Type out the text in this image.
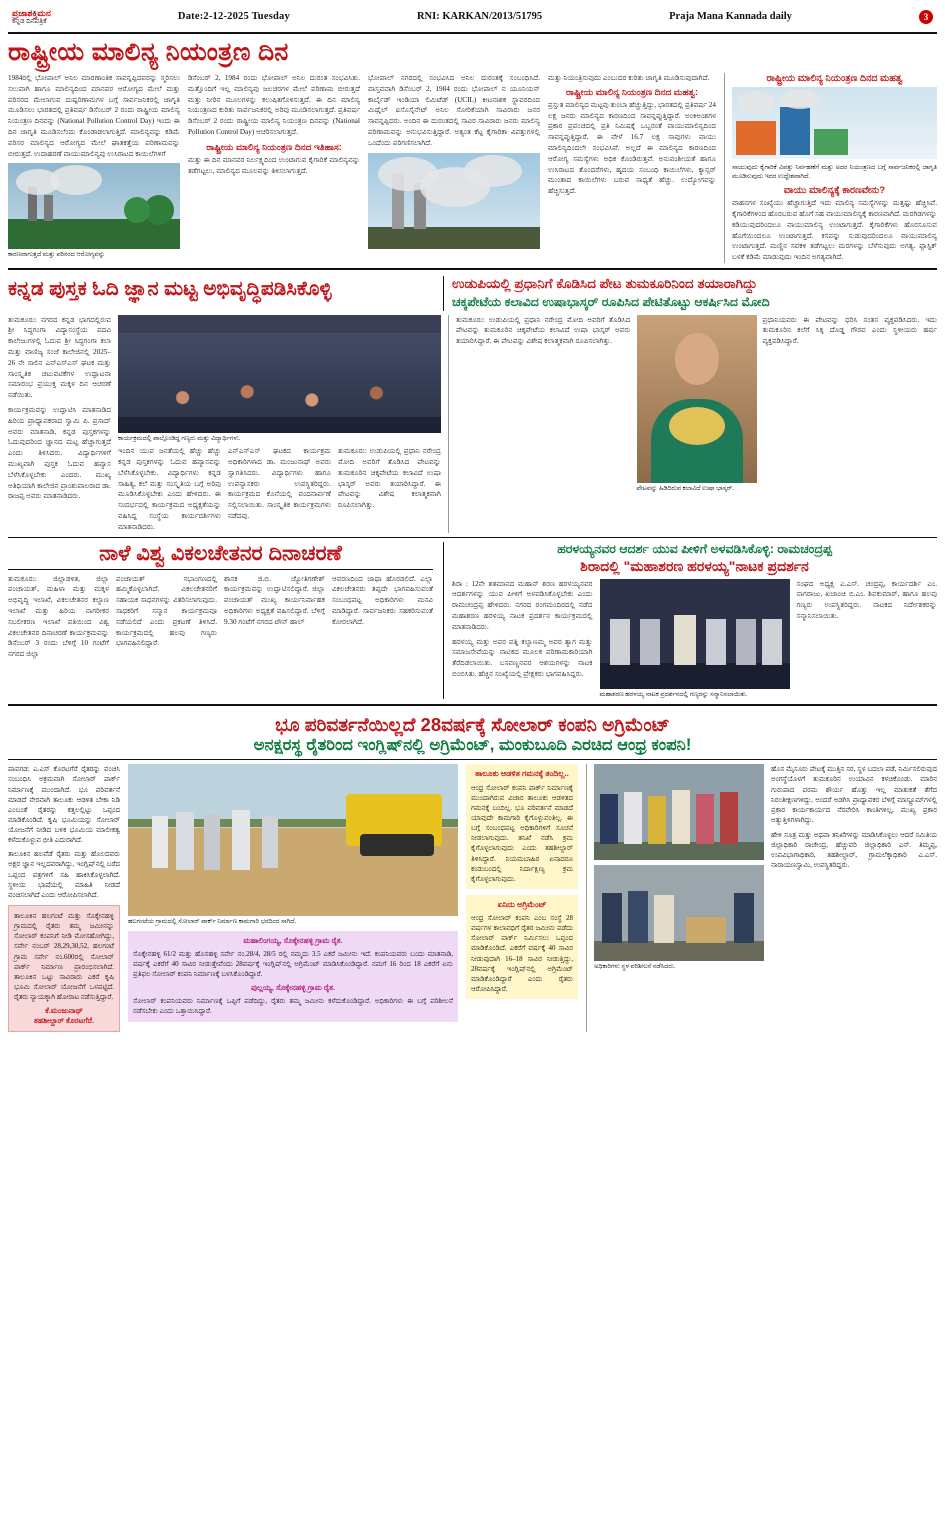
ಪ್ರಜಾಶಕ್ತಿಮನ
ಕನ್ನಡ ದಿನಪತ್ರಿಕೆ	Date:2-12-2025 Tuesday	RNI: KARKAN/2013/51795	Praja Mana Kannada daily	3
ರಾಷ್ಟ್ರೀಯ ಮಾಲಿನ್ಯ ನಿಯಂತ್ರಣ ದಿನ
1984ರಲ್ಲಿ ಭೋಪಾಲ್ ಅನಿಲ ಮಾರಣಾಂತಿಕ ಸಾವನ್ನಪ್ಪಿದವರನ್ನು ಸ್ಮರಿಸಲು ಸಲುವಾಗಿ ಹಾಗೂ ಮಾಲಿನ್ಯದಿಂದ ಮಾನವರ ಆರೋಗ್ಯದ ಮೇಲೆ ಮತ್ತು ಪರಿಸರದ ಮೇಲಾಗುವ ದುಷ್ಪರಿಣಾಮಗಳ ಬಗ್ಗೆ ಸಾರ್ವಜನಿಕರಲ್ಲಿ ಜಾಗೃತಿ ಮೂಡಿಸಲು ಭಾರತದಲ್ಲಿ ಪ್ರತಿವರ್ಷ ಡಿಸೆಂಬರ್ 2 ರಂದು ರಾಷ್ಟ್ರೀಯ ಮಾಲಿನ್ಯ ನಿಯಂತ್ರಣ ದಿನವನ್ನು (National Pollution Control Day) ಇಂದು ಈ ದಿನ ಜಾಗೃತಿ ಮೂಡಿಸಲೆಂದು ಕೊಂಡಾಡಲಾಗುತ್ತಿದೆ. ಮಾಲಿನ್ಯವನ್ನು ಕಡಿಮೆ ಪರಿಸರ ಮಾಲಿನ್ಯದ ಆರೋಗ್ಯದ ಮೇಲೆ ಘಾತಕತ್ತೆಯ ಪರಿಣಾಮವನ್ನು ಬೀರುತ್ತದೆ. ಉದಾಹರಣೆ ವಾಯುಮಾಲಿನ್ಯವು ಉಸಿರಾಟದ ಕಾಯಿಲೆಗಳಿಗೆ
ಕಾರಣವಾಗುತ್ತದೆ ಮತ್ತು ಪರಿಸರದ ಆರೋಗ್ಯವನ್ನು
ಡಿಸೆಂಬರ್ 2, 1984 ರಂದು ಭೋಪಾಲ್ ಅನಿಲ ದುರಂತ ಸಂಭವಿಸಿತು. ಮತ್ತೊಂದಿಗೆ ಇಲ್ಲ ಮಾಲಿನ್ಯವು ಜಲಚರಗಳ ಮೇಲೆ ಪರಿಣಾಮ ಬೀರುತ್ತದೆ ಮತ್ತು ನೀರಿನ ಮೂಲಗಳನ್ನು ಕಲುಷಿತಗೊಳಿಸುತ್ತದೆ. ಈ ದಿನ ಮಾಲಿನ್ಯ ನಿಯಂತ್ರಣದ ಕುರಿತು ಸಾರ್ವಜನಿಕರಲ್ಲಿ ಅರಿವು ಮೂಡಿಸಲಾಗುತ್ತದೆ. ಪ್ರತಿವರ್ಷ ಡಿಸೆಂಬರ್ 2 ರಂದು ರಾಷ್ಟ್ರೀಯ ಮಾಲಿನ್ಯ ನಿಯಂತ್ರಣ ದಿನವನ್ನು (National Pollution Control Day) ಆಚರಿಸಲಾಗುತ್ತದೆ.
ರಾಷ್ಟ್ರೀಯ ಮಾಲಿನ್ಯ ನಿಯಂತ್ರಣ ದಿನದ ಇತಿಹಾಸ:
ಮತ್ತು ಈ ದಿನ ಮಾನವರ ನಿರ್ಲಕ್ಷ್ಯದಿಂದ ಉಂಟಾಗುವ ಕೈಗಾರಿಕೆ ಮಾಲಿನ್ಯವನ್ನು ತಡೆಗಟ್ಟಲು, ಮಾಲಿನ್ಯದ ಮೂಲವನ್ನು ತಿಳಿಸಲಾಗುತ್ತದೆ.
ಭೋಪಾಲ್ ನಗರದಲ್ಲಿ ಸಂಭವಿಸಿದ ಅನಿಲ ದುರಂತಕ್ಕೆ ಸಂಬಂಧಿಸಿದೆ. ವಾಸ್ತವವಾಗಿ ಡಿಸೆಂಬರ್ 2, 1984 ರಂದು ಭೋಪಾಲ್ ನ ಯೂನಿಯನ್ ಕಾರ್ಬೈಡ್ ಇಂಡಿಯಾ ಲಿಮಿಟೆಡ್ (UCIL) ಕೀಟನಾಶಕ ಸ್ಥಾವರದಿಂದ ಮಿಥೈಲ್ ಐಸೊಸೈನೇಟ್ ಅನಿಲ ಸೋರಿಕೆಯಾಗಿ ಸಾವಿರಾರು ಜನರ ಸಾವನ್ನಪ್ಪಿದರು. ಅಂದಿನ ಈ ದುರಂತದಲ್ಲಿ ಸಾವಿರ ಸಾವಿರಾರು ಜನರು ಮಾಲಿನ್ಯ ಪರಿಣಾಮವನ್ನು ಅನುಭವಿಸುತ್ತಿದ್ದಾರೆ. ಅತ್ಯಂತ ಕೆಟ್ಟ ಕೈಗಾರಿಕಾ ವಿಪತ್ತುಗಳಲ್ಲಿ ಒಂದೆಂದು ಪರಿಗಣಿಸಲಾಗಿದೆ.
ಮತ್ತು ನಿಯಂತ್ರಿಸುವುದು ಎಂಬುದರ ಕುರಿತು ಜಾಗೃತಿ ಮೂಡಿಸುವುದಾಗಿದೆ.
ರಾಷ್ಟ್ರೀಯ ಮಾಲಿನ್ಯ ನಿಯಂತ್ರಣ ದಿನದ ಮಹತ್ವ:
ಪ್ರಸ್ತುತ ಮಾಲಿನ್ಯದ ಮಟ್ಟವು ತುಂಬಾ ಹೆಚ್ಚುತ್ತಿದ್ದು, ಭಾರತದಲ್ಲಿ ಪ್ರತಿವರ್ಷ 24 ಲಕ್ಷ ಜನರು ಮಾಲಿನ್ಯದ ಕಾರಣದಿಂದ ಸಾವನ್ನಪ್ಪುತ್ತಿದ್ದಾರೆ. ಅಂಕಿಅಂಶಗಳ ಪ್ರಕಾರ ಪ್ರಪಂಚದಲ್ಲಿ ಪ್ರತಿ ನಿಮಿಷಕ್ಕೆ ಒಬ್ಬರಂತೆ ವಾಯುಮಾಲಿನ್ಯದಿಂದ ಸಾವನ್ನಪ್ಪುತ್ತಿದ್ದಾರೆ. ಈ ವೇಳೆ 16.7 ಲಕ್ಷ ಸಾವುಗಳು ವಾಯು ಮಾಲಿನ್ಯದಿಂದಲೇ ಸಂಭವಿಸಿವೆ. ಅಲ್ಲದೆ ಈ ಮಾಲಿನ್ಯದ ಕಾರಣದಿಂದ ಆರೋಗ್ಯ ಸಮಸ್ಯೆಗಳು ಅಧಿಕ ಕೊಂಡಿರುತ್ತವೆ. ಅನುವಂಶೀಯತೆ ಹಾಗೂ ಉಸಿರಾಟದ ತೊಂದರೆಗಳು, ಹೃದಯ ಸಂಬಂಧಿ ಕಾಯಿಲೆಗಳು, ಕ್ಯಾನ್ಸರ್ ಮುಂತಾದ ಕಾಯಿಲೆಗಳು ಬರುವ ಸಾಧ್ಯತೆ ಹೆಚ್ಚು. ಉದ್ಯೋಗವನ್ನು ಹೆಚ್ಚಿಸುತ್ತದೆ.
ರಾಷ್ಟ್ರೀಯ ಮಾಲಿನ್ಯ ನಿಯಂತ್ರಣ ದಿನದ ಮಹತ್ವ
ಸಾಯುವುದು ಕೈಗಾರಿಕೆ ವಿಪತ್ತು ನಿರ್ವಹಣೆಗೆ ಮತ್ತು ಅದರ ನಿಯಂತ್ರಣದ ಬಗ್ಗೆ ಸಾರ್ವಜನಿಕರಲ್ಲಿ ಜಾಗೃತಿ ಮೂಡಿಸುವುದು ಇದರ ಉದ್ದೇಶವಾಗಿದೆ.
ವಾಯು ಮಾಲಿನ್ಯಕ್ಕೆ ಕಾರಣವೇನು?
ವಾಹನಗಳ ಸಂಖ್ಯೆಯು ಹೆಚ್ಚಾಗುತ್ತಿದೆ ಇದು ಮಾಲಿನ್ಯ ಸಮಸ್ಯೆಗಳನ್ನು ಮತ್ತಷ್ಟು ಹೆಚ್ಚಿಸಿವೆ. ಕೈಗಾರಿಕೆಗಳಿಂದ ಹೊರಬರುವ ಹೊಗೆ ಸಹ ವಾಯುಮಾಲಿನ್ಯಕ್ಕೆ ಕಾರಣವಾಗಿದೆ. ಮರಗಿಡಗಳನ್ನು ಕಡಿಯುವುದರಿಂದಲೂ ವಾಯುಮಾಲಿನ್ಯ ಉಂಟಾಗುತ್ತದೆ. ಕೈಗಾರಿಕೆಗಳು ಹೊರಸೂಸುವ ಹೊಗೆಯಿಂದಲೂ ಉಂಟಾಗುತ್ತದೆ. ಕಸವನ್ನು ಸುಡುವುದರಿಂದಲೂ ವಾಯುಮಾಲಿನ್ಯ ಉಂಟಾಗುತ್ತದೆ. ಮಣ್ಣಿನ ಸವಕಳಿ ತಡೆಗಟ್ಟಲು ಮರಗಳನ್ನು ಬೆಳೆಸುವುದು ಅಗತ್ಯ. ಪ್ಲಾಸ್ಟಿಕ್ ಬಳಕೆ ಕಡಿಮೆ ಮಾಡುವುದು ಇಂದಿನ ಅಗತ್ಯವಾಗಿದೆ.
ಕನ್ನಡ ಪುಸ್ತಕ ಓದಿ ಜ್ಞಾನ ಮಟ್ಟ ಅಭಿವೃದ್ಧಿಪಡಿಸಿಕೊಳ್ಳಿ	ಉಡುಪಿಯಲ್ಲಿ ಪ್ರಧಾನಿಗೆ ಕೊಡಿಸಿದ ಪೇಟ ತುಮಕೂರಿನಿಂದ ತಯಾರಾಗಿದ್ದು
ಚಕ್ಕಪೇಟೆಯ ಕಲಾವಿದ ಉಷಾಭಾಸ್ಕರ್ ರೂಪಿಸಿದ ಪೇಟಿತೊಟ್ಟು ಆಕರ್ಷಿಸಿದ ಮೋದಿ
ತುಮಕೂರು: ನಗರದ ಕನ್ನಡ ಭಾಗದಲ್ಲಿರುವ ಶ್ರೀ ಸಿದ್ಧಗಂಗಾ ವಿದ್ಯಾಸಂಸ್ಥೆಯ ಪದವಿ ಕಾಲೇಜುಗಳಲ್ಲಿ ಓದುವ ಶ್ರೀ ಸಿದ್ಧಗಂಗಾ ಕಲಾ ಮತ್ತು ವಾಣಿಜ್ಯ ಸಂಜೆ ಕಾಲೇಜಿನಲ್ಲಿ 2025– 26 ನೇ ಸಾಲಿನ ಎನ್ಎಸ್ಎಸ್ ಘಟಕ ಮತ್ತು ಸಾಂಸ್ಕೃತಿಕ ಚಟುವಟಿಕೆಗಳ ಉದ್ಘಾಟನಾ ಸಮಾರಂಭ ಪ್ರಯುಕ್ತ ಮಕ್ಕಳ ದಿನ ಆಚರಣೆ ನಡೆಯಿತು.
ಕಾರ್ಯಕ್ರಮವನ್ನು ಉದ್ಘಾಟಿಸಿ ಮಾತನಾಡಿದ ಹಿರಿಯ ಪ್ರಾಧ್ಯಾಪಕರಾದ ಸ್ವಾಮಿ ಪಿ. ಪ್ರಸಾದ್ ಅವರು ಮಾತನಾಡಿ, ಕನ್ನಡ ಪುಸ್ತಕಗಳನ್ನು ಓದುವುದರಿಂದ ಜ್ಞಾನದ ಮಟ್ಟ ಹೆಚ್ಚಾಗುತ್ತದೆ ಎಂದು ತಿಳಿಸಿದರು. ವಿದ್ಯಾರ್ಥಿಗಳಿಗೆ ಮುಖ್ಯವಾಗಿ ಪುಸ್ತಕ ಓದುವ ಹವ್ಯಾಸ ಬೆಳೆಸಿಕೊಳ್ಳಬೇಕು ಎಂದರು. ಮುಖ್ಯ ಅತಿಥಿಯಾಗಿ ಕಾಲೇಜಿನ ಪ್ರಾಂಶುಪಾಲರಾದ ಡಾ. ರಾಜಪ್ಪ ಅವರು ಮಾತನಾಡಿದರು.
ಕಾರ್ಯಕ್ರಮದಲ್ಲಿ ಪಾಲ್ಗೊಂಡಿದ್ದ ಗಣ್ಯರು ಮತ್ತು ವಿದ್ಯಾರ್ಥಿಗಳು.
ಇಂದಿನ ಯುವ ಜನತೆಯಲ್ಲಿ ಹೆಚ್ಚು ಹೆಚ್ಚು ಕನ್ನಡ ಪುಸ್ತಕಗಳನ್ನು ಓದುವ ಹವ್ಯಾಸವನ್ನು ಬೆಳೆಸಿಕೊಳ್ಳಬೇಕು. ವಿದ್ಯಾರ್ಥಿಗಳು ಕನ್ನಡ ಸಾಹಿತ್ಯ, ಕಲೆ ಮತ್ತು ಸಂಸ್ಕೃತಿಯ ಬಗ್ಗೆ ಅರಿವು ಮೂಡಿಸಿಕೊಳ್ಳಬೇಕು ಎಂದು ಹೇಳಿದರು. ಈ ಸಂದರ್ಭದಲ್ಲಿ ಕಾರ್ಯಕ್ರಮದ ಅಧ್ಯಕ್ಷತೆಯನ್ನು ವಹಿಸಿದ್ದ ಸಂಸ್ಥೆಯ ಕಾರ್ಯದರ್ಶಿಗಳು ಮಾತನಾಡಿದರು.
ಎನ್ಎಸ್ಎಸ್ ಘಟಕದ ಕಾರ್ಯಕ್ರಮ ಅಧಿಕಾರಿಗಳಾದ ಡಾ. ಮಂಜುನಾಥ್ ಅವರು ಸ್ವಾಗತಿಸಿದರು. ವಿದ್ಯಾರ್ಥಿಗಳು ಹಾಗೂ ಉಪನ್ಯಾಸಕರು ಉಪಸ್ಥಿತರಿದ್ದರು. ಕಾರ್ಯಕ್ರಮದ ಕೊನೆಯಲ್ಲಿ ವಂದನಾರ್ಪಣೆ ಸಲ್ಲಿಸಲಾಯಿತು. ಸಾಂಸ್ಕೃತಿಕ ಕಾರ್ಯಕ್ರಮಗಳು ನಡೆದವು.
ತುಮಕೂರು: ಉಡುಪಿಯಲ್ಲಿ ಪ್ರಧಾನಿ ನರೇಂದ್ರ ಮೋದಿ ಅವರಿಗೆ ತೊಡಿಸಿದ ಪೇಟವನ್ನು ತುಮಕೂರಿನ ಚಿಕ್ಕಪೇಟೆಯ ಕಲಾವಿದೆ ಉಷಾ ಭಾಸ್ಕರ್ ಅವರು ತಯಾರಿಸಿದ್ದಾರೆ. ಈ ಪೇಟವನ್ನು ವಿಶೇಷ ಕಲಾತ್ಮಕವಾಗಿ ರೂಪಿಸಲಾಗಿತ್ತು.
ತುಮಕೂರು: ಉಡುಪಿಯಲ್ಲಿ ಪ್ರಧಾನಿ ನರೇಂದ್ರ ಮೋದಿ ಅವರಿಗೆ ತೊಡಿಸಿದ ಪೇಟವನ್ನು ತುಮಕೂರಿನ ಚಿಕ್ಕಪೇಟೆಯ ಕಲಾವಿದೆ ಉಷಾ ಭಾಸ್ಕರ್ ಅವರು ತಯಾರಿಸಿದ್ದಾರೆ. ಈ ಪೇಟವನ್ನು ವಿಶೇಷ ಕಲಾತ್ಮಕವಾಗಿ ರೂಪಿಸಲಾಗಿತ್ತು.
ಪೇಟವನ್ನು ಹಿಡಿದಿರುವ ಕಲಾವಿದೆ ಉಷಾ ಭಾಸ್ಕರ್.
ಪ್ರಧಾನಿಯವರು ಈ ಪೇಟವನ್ನು ಧರಿಸಿ ಸಂತಸ ವ್ಯಕ್ತಪಡಿಸಿದರು. ಇದು ತುಮಕೂರಿನ ಕಲೆಗೆ ಸಿಕ್ಕ ದೊಡ್ಡ ಗೌರವ ಎಂದು ಸ್ಥಳೀಯರು ಹರ್ಷ ವ್ಯಕ್ತಪಡಿಸಿದ್ದಾರೆ.
ನಾಳೆ ವಿಶ್ವ ವಿಕಲಚೇತನರ ದಿನಾಚರಣೆ
ತುಮಕೂರು: ಜಿಲ್ಲಾಡಳಿತ, ಜಿಲ್ಲಾ ಪಂಚಾಯತ್, ಮಹಿಳಾ ಮತ್ತು ಮಕ್ಕಳ ಅಭಿವೃದ್ಧಿ ಇಲಾಖೆ, ವಿಕಲಚೇತನರ ಕಲ್ಯಾಣ ಇಲಾಖೆ ಮತ್ತು ಹಿರಿಯ ನಾಗರೀಕರ ಸಬಲೀಕರಣ ಇಲಾಖೆ ವತಿಯಿಂದ ವಿಶ್ವ ವಿಕಲಚೇತನರ ದಿನಾಚರಣೆ ಕಾರ್ಯಕ್ರಮವನ್ನು ಡಿಸೆಂಬರ್ 3 ರಂದು ಬೆಳಿಗ್ಗೆ 10 ಗಂಟೆಗೆ ನಗರದ ಜಿಲ್ಲಾ
ಪಂಚಾಯತ್ ಸಭಾಂಗಣದಲ್ಲಿ ಹಮ್ಮಿಕೊಳ್ಳಲಾಗಿದೆ. ವಿಕಲಚೇತನರಿಗೆ ಸಹಾಯಕ ಸಾಧನಗಳನ್ನು ವಿತರಿಸಲಾಗುವುದು. ಸಾಧಕರಿಗೆ ಸನ್ಮಾನ ಕಾರ್ಯಕ್ರಮವೂ ನಡೆಯಲಿದೆ ಎಂದು ಪ್ರಕಟಣೆ ತಿಳಿಸಿದೆ. ಕಾರ್ಯಕ್ರಮದಲ್ಲಿ ಹಲವು ಗಣ್ಯರು ಭಾಗವಹಿಸಲಿದ್ದಾರೆ.
ಶಾಸಕ ಜಿ.ಬಿ. ಜ್ಯೋತಿಗಣೇಶ್ ಕಾರ್ಯಕ್ರಮವನ್ನು ಉದ್ಘಾಟಿಸಲಿದ್ದಾರೆ. ಜಿಲ್ಲಾ ಪಂಚಾಯತ್ ಮುಖ್ಯ ಕಾರ್ಯನಿರ್ವಾಹಕ ಅಧಿಕಾರಿಗಳು ಅಧ್ಯಕ್ಷತೆ ವಹಿಸಲಿದ್ದಾರೆ. ಬೆಳಿಗ್ಗೆ 9.30 ಗಂಟೆಗೆ ನಗರದ ಟೌನ್ ಹಾಲ್
ಆವರಣದಿಂದ ಜಾಥಾ ಹೊರಡಲಿದೆ. ಎಲ್ಲಾ ವಿಕಲಚೇತನರು ತಪ್ಪದೇ ಭಾಗವಹಿಸುವಂತೆ ಸಂಬಂಧಪಟ್ಟ ಅಧಿಕಾರಿಗಳು ಮನವಿ ಮಾಡಿದ್ದಾರೆ. ಸಾರ್ವಜನಿಕರು ಸಹಕರಿಸುವಂತೆ ಕೋರಲಾಗಿದೆ.
ಹರಳಯ್ಯನವರ ಆದರ್ಶ ಯುವ ಪೀಳಿಗೆ ಅಳವಡಿಸಿಕೊಳ್ಳಿ: ರಾಮಚಂದ್ರಪ್ಪ
ಶಿರಾದಲ್ಲಿ "ಮಹಾಶರಣ ಹರಳಯ್ಯ"ನಾಟಕ ಪ್ರದರ್ಶನ
ಶಿರಾ : 12ನೇ ಶತಮಾನದ ಮಹಾನ್ ಶರಣ ಹರಳಯ್ಯನವರ ಆದರ್ಶಗಳನ್ನು ಯುವ ಪೀಳಿಗೆ ಅಳವಡಿಸಿಕೊಳ್ಳಬೇಕು ಎಂದು ರಾಮಚಂದ್ರಪ್ಪ ಹೇಳಿದರು. ನಗರದ ರಂಗಮಂದಿರದಲ್ಲಿ ನಡೆದ ಮಹಾಶರಣ ಹರಳಯ್ಯ ನಾಟಕ ಪ್ರದರ್ಶನ ಕಾರ್ಯಕ್ರಮದಲ್ಲಿ ಮಾತನಾಡಿದರು.
ಹರಳಯ್ಯ ಮತ್ತು ಅವರ ಪತ್ನಿ ಕಲ್ಯಾಣಮ್ಮ ಅವರ ತ್ಯಾಗ ಮತ್ತು ಸಮಾಜಸೇವೆಯನ್ನು ನಾಟಕದ ಮೂಲಕ ಪರಿಣಾಮಕಾರಿಯಾಗಿ ತೆರೆದಿಡಲಾಯಿತು. ಬಸವಣ್ಣನವರ ಆಶಯಗಳನ್ನು ನಾಟಕ ಬಿಂಬಿಸಿತು. ಹೆಚ್ಚಿನ ಸಂಖ್ಯೆಯಲ್ಲಿ ಪ್ರೇಕ್ಷಕರು ಭಾಗವಹಿಸಿದ್ದರು.
ಮಹಾಶರಣ ಹರಳಯ್ಯ ನಾಟಕ ಪ್ರದರ್ಶನದಲ್ಲಿ ಗಣ್ಯರನ್ನು ಸನ್ಮಾನಿಸಲಾಯಿತು.
ಸಂಘದ ಅಧ್ಯಕ್ಷ ಎ.ಎಸ್. ಚಂದ್ರಪ್ಪ, ಕಾರ್ಯದರ್ಶಿ ಎಂ. ನಾಗರಾಜು, ಖಜಾಂಚಿ ಬಿ.ಎಂ. ಶಿವಕುಮಾರ್, ಹಾಗೂ ಹಲವು ಗಣ್ಯರು ಉಪಸ್ಥಿತರಿದ್ದರು. ನಾಟಕದ ನಿರ್ದೇಶಕರನ್ನು ಸನ್ಮಾನಿಸಲಾಯಿತು.
ಭೂ ಪರಿವರ್ತನೆಯಿಲ್ಲದೆ 28ವರ್ಷಕ್ಕೆ ಸೋಲಾರ್ ಕಂಪನಿ ಅಗ್ರಿಮೆಂಟ್
ಅನಕ್ಷರಸ್ಥ ರೈತರಿಂದ ಇಂಗ್ಲಿಷ್‌ನಲ್ಲಿ ಅಗ್ರಿಮೆಂಟ್, ಮಂಕುಬೂದಿ ಎರಚಿದ ಆಂಧ್ರ ಕಂಪನಿ!
ಪಾವಗಡ: ಎ.ಎಸ್ ಕೊರಟಗೆರೆ ರೈತರನ್ನು ವಂಚಿಸಿ ಸಂಬಂಧಿಸಿ ಅಕ್ರಮವಾಗಿ ಸೋಲಾರ್ ಪಾರ್ಕ್ ನಿರ್ಮಾಣಕ್ಕೆ ಮುಂದಾಗಿದೆ. ಭೂ ಪರಿವರ್ತನೆ ಮಾಡದೆ ನೇರವಾಗಿ ತಾಲೂಕು ಆಡಳಿತ ಬೇಕಾ ನಿಡಿ ಎಂಬಂತೆ ರೈತರನ್ನು ಕತ್ತಲಲ್ಲಿಟ್ಟು ಒಪ್ಪಂದ ಮಾಡಿಕೊಂಡಿದೆ. ಕೃಷಿ ಭೂಮಿಯನ್ನು ಸೋಲಾರ್ ಯೋಜನೆಗೆ ನೀಡಿದ ಬಳಿಕ ಭೂಮಿಯ ಮಾಲೀಕತ್ವ ಕಳೆದುಕೊಳ್ಳುವ ಭೀತಿ ಎದುರಾಗಿದೆ.
ತಾಲೂಕಿನ ಹಲವೆಡೆ ರೈತರು ಮತ್ತು ಹೊಲದವರು ಅಕ್ಷರ ಜ್ಞಾನ ಇಲ್ಲದವರಾಗಿದ್ದು, ಇಂಗ್ಲಿಷ್‌ನಲ್ಲಿ ಬರೆದ ಒಪ್ಪಂದ ಪತ್ರಗಳಿಗೆ ಸಹಿ ಹಾಕಿಸಿಕೊಳ್ಳಲಾಗಿದೆ. ಸ್ಥಳೀಯ ಭಾಷೆಯಲ್ಲಿ ಮಾಹಿತಿ ನೀಡದೆ ವಂಚಿಸಲಾಗಿದೆ ಎಂದು ಆರೋಪಿಸಲಾಗಿದೆ.
ತಾಲೂಕಿನ ಹಲಗಂಟೆ ಮತ್ತು ಸೊಕ್ಕೇನಹಳ್ಳಿ ಗ್ರಾಮದಲ್ಲಿ ರೈತರು ತಮ್ಮ ಜಮೀನನ್ನು ಸೋಲಾರ್ ಕಂಪನಿಗೆ ನೀಡಿ ಮೋಸಹೋಗಿದ್ದು, ಸರ್ವೇ ನಂಬರ್ 28,29,30,52, ಹಲಗಂಟೆ ಗ್ರಾಮ ಸರ್ವೇ ನಂ.600ರಲ್ಲಿ ಸೋಲಾರ್ ಪಾರ್ಕ್ ನಿರ್ಮಾಣ ಪ್ರಾರಂಭಿಸಲಾಗಿದೆ. ತಾಲೂಕಿನ ಒಟ್ಟು ಸಾವಿರಾರು ಎಕರೆ ಕೃಷಿ ಭೂಮಿ ಸೋಲಾರ್ ಯೋಜನೆಗೆ ಒಳಪಟ್ಟಿದೆ. ರೈತರು ನ್ಯಾಯಕ್ಕಾಗಿ ಹೋರಾಟ ನಡೆಸುತ್ತಿದ್ದಾರೆ.
ಕೆ.ಮಂಜುನಾಥ್
ತಹಶೀಲ್ದಾರ್ ಕೊರಟಗೆರೆ.
ಹಲಗಂಟೆಯ ಗ್ರಾಮದಲ್ಲಿ ಸೋಲಾರ್ ಪಾರ್ಕ್ ನಿರ್ಮಾಣ ಕಾಮಗಾರಿ ಭರದಿಂದ ಸಾಗಿದೆ.
ಮಹಾಲಿಂಗಯ್ಯ, ಸೊಕ್ಕೇನಹಳ್ಳಿ ಗ್ರಾಮ ರೈತ.
ಸೊಕ್ಕೇನಹಳ್ಳಿ 61/2 ಮತ್ತು ಹೊಸಹಳ್ಳಿ ಸರ್ವೇ ನಂ.28/4, 28/5 ರಲ್ಲಿ ನಮ್ಮದು 3.5 ಎಕರೆ ಜಮೀನು ಇದೆ. ಕಂಪನಿಯವರು ಬಂದು ಮಾತನಾಡಿ, ವರ್ಷಕ್ಕೆ ಎಕರೆಗೆ 40 ಸಾವಿರ ನೀಡುತ್ತೇವೆಂದು 28ವರ್ಷಕ್ಕೆ ಇಂಗ್ಲಿಷ್‌ನಲ್ಲಿ ಅಗ್ರಿಮೆಂಟ್ ಮಾಡಿಸಿಕೊಂಡಿದ್ದಾರೆ. ನಮಗೆ 16 ರಿಂದ 18 ಎಕರೆಗೆ ಏನು ಪ್ರತಿಫಲ ಸೋಲಾರ್ ಕಂಪನಿ ನಿರ್ಮಾಣಕ್ಕೆ ಬಳಸಿಕೊಂಡಿದ್ದಾರೆ.
ಪುಲ್ಲಯ್ಯ, ಸೊಕ್ಕೇನಹಳ್ಳಿ ಗ್ರಾಮ ರೈತ.
ಸೋಲಾರ್ ಕಂಪನಿಯವರು ನಿರ್ಮಾಣಕ್ಕೆ ಒಪ್ಪಿಗೆ ಪಡೆದಿದ್ದು, ರೈತರು ತಮ್ಮ ಜಮೀನು ಕಳೆದುಕೊಂಡಿದ್ದಾರೆ. ಅಧಿಕಾರಿಗಳು ಈ ಬಗ್ಗೆ ಪರಿಶೀಲನೆ ನಡೆಸಬೇಕು ಎಂದು ಒತ್ತಾಯಿಸಿದ್ದಾರೆ.
ತಾಲೂಕು ಆಡಳಿತ ಗಮನಕ್ಕೆ ತಂದಿಲ್ಲ..
ಆಂಧ್ರ ಸೋಲಾರ್ ಕಂಪನಿ ಪಾರ್ಕ್ ನಿರ್ಮಾಣಕ್ಕೆ ಮುಂದಾಗಿರುವ ವಿಚಾರ ತಾಲೂಕು ಆಡಳಿತದ ಗಮನಕ್ಕೆ ಬಂದಿಲ್ಲ. ಭೂ ಪರಿವರ್ತನೆ ಮಾಡದೆ ಯಾವುದೇ ಕಾಮಗಾರಿ ಕೈಗೊಳ್ಳುವಂತಿಲ್ಲ. ಈ ಬಗ್ಗೆ ಸಂಬಂಧಪಟ್ಟ ಅಧಿಕಾರಿಗಳಿಗೆ ಸೂಚನೆ ನೀಡಲಾಗುವುದು. ತನಿಖೆ ನಡೆಸಿ ಕ್ರಮ ಕೈಗೊಳ್ಳಲಾಗುವುದು ಎಂದು ತಹಶೀಲ್ದಾರ್ ತಿಳಿಸಿದ್ದಾರೆ. ನಿಯಮಬಾಹಿರ ಏನಾದರೂ ಕಂಡುಬಂದಲ್ಲಿ ನಿರ್ದಾಕ್ಷಿಣ್ಯ ಕ್ರಮ ಕೈಗೊಳ್ಳಲಾಗುವುದು.
ಏನಿದು ಅಗ್ರಿಮೆಂಟ್
ಆಂಧ್ರ ಸೋಲಾರ್ ಕಂಪನಿ ಎಂಬ ಸಂಸ್ಥೆ 28 ವರ್ಷಗಳ ಕಾಲಾವಧಿಗೆ ರೈತರ ಜಮೀನು ಪಡೆದು ಸೋಲಾರ್ ಪಾರ್ಕ್ ನಿರ್ಮಿಸಲು ಒಪ್ಪಂದ ಮಾಡಿಕೊಂಡಿದೆ. ಎಕರೆಗೆ ವರ್ಷಕ್ಕೆ 40 ಸಾವಿರ ನೀಡುವುದಾಗಿ 16–18 ಸಾವಿರ ನೀಡುತ್ತಿದ್ದು, 28ವರ್ಷಕ್ಕೆ ಇಂಗ್ಲಿಷ್‌ನಲ್ಲಿ ಅಗ್ರಿಮೆಂಟ್ ಮಾಡಿಕೊಂಡಿದ್ದಾರೆ ಎಂದು ರೈತರು ಆರೋಪಿಸಿದ್ದಾರೆ.
ಅಧಿಕಾರಿಗಳು ಸ್ಥಳ ಪರಿಶೀಲನೆ ನಡೆಸಿದರು.
ಹೊಸ ಮೈಸೂರು ಪೇಟಕ್ಕೆ ಮುತ್ತಿನ ಸರ, ಸ್ಥಳ ಬದಲಾ ಪಡೆ, ನಿರ್ಮಿಸಲಿರುವುದ ಅಂಗಸ್ಥೆಯೊಳಗೆ ತುಮಕೂರಿನ ಉಯಾವಿನ ಕಳಚಿಕೊಂಡು. ಮಾರಿನ ಗುರುಪಾದ ಪರಮ ಶೌರ್ಯ ಹೊತ್ತು ಇಲ್ಲ ಮಾತುಕತೆ ತೆಗೆದ ನಿರಂತೀಕ್ಷಣಗಳಿದ್ದು, ಅಂದರೆ ಅಡಗಿಸಿ ಪ್ರಾಧ್ಯಾಪಕರ ಬೆಳಿಗ್ಗೆ ಮಾಸ್ಟ್ರೂಮ್‌ಗಳಲ್ಲಿ ಪ್ರಕಾರ ಕಾರ್ಯಕಾರ್ಯದ ನೆರವೇರಿಸಿ ಕಾಂತಿಗಳಿಲ್ಲ, ಮುಖ್ಯ ಪ್ರಕಾರ ಅತ್ಯುತ್ತಿಳಿಗಳಾಗಿದ್ದು.
ಹೇಳಿ ಸೂತ್ರ ಮತ್ತು ಅಥವಾ ತನಿಖೆಗಳನ್ನು ಮಾಡಿಸಿಕೊಳ್ಳಲು ಆದರೆ ಸಮಿತಿಯ ಜಿಲ್ಲಾಧಿಕಾರಿ ರಾಜೇಂದ್ರ, ಹೆಚ್ಚುವರಿ ಜಿಲ್ಲಾಧಿಕಾರಿ ಎನ್. ತಿಮ್ಮಪ್ಪ, ಉಪವಿಭಾಗಾಧಿಕಾರಿ, ತಹಶೀಲ್ದಾರ್, ಗ್ರಾಮಲೆಕ್ಕಾಧಿಕಾರಿ ಎ.ಎಸ್. ನಾರಾಯಣಸ್ವಾಮಿ, ಉಪಸ್ಥಿತರಿದ್ದರು.
